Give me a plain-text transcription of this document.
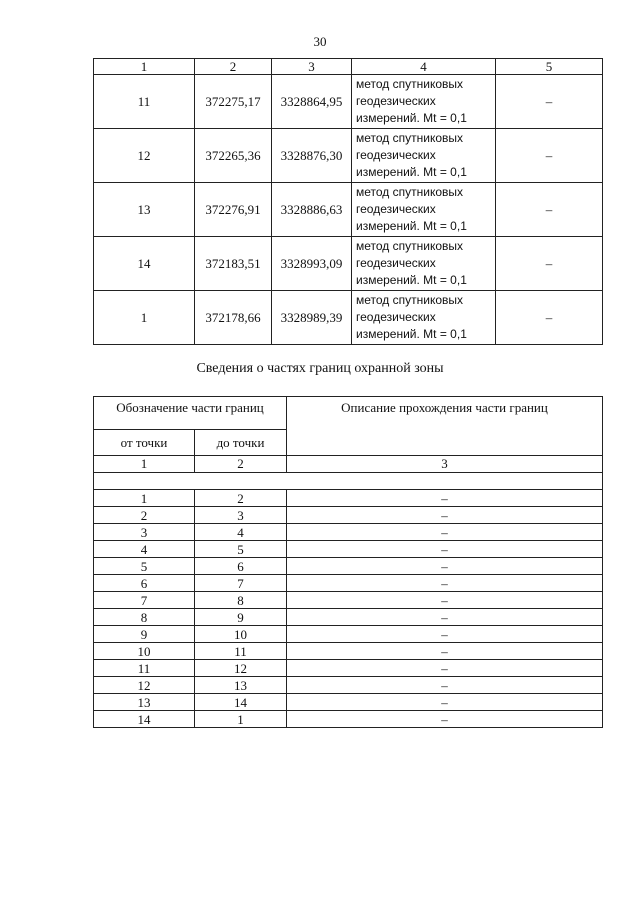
30
1	2	3	4	5
11	372275,17	3328864,95	метод спутниковых
геодезических
измерений. Mt = 0,1	–
12	372265,36	3328876,30	метод спутниковых
геодезических
измерений. Mt = 0,1	–
13	372276,91	3328886,63	метод спутниковых
геодезических
измерений. Mt = 0,1	–
14	372183,51	3328993,09	метод спутниковых
геодезических
измерений. Mt = 0,1	–
1	372178,66	3328989,39	метод спутниковых
геодезических
измерений. Mt = 0,1	–
Сведения о частях границ охранной зоны
Обозначение части границ		Описание прохождения части границ
от точки	до точки	
1	2	3

1	2	–
2	3	–
3	4	–
4	5	–
5	6	–
6	7	–
7	8	–
8	9	–
9	10	–
10	11	–
11	12	–
12	13	–
13	14	–
14	1	–
